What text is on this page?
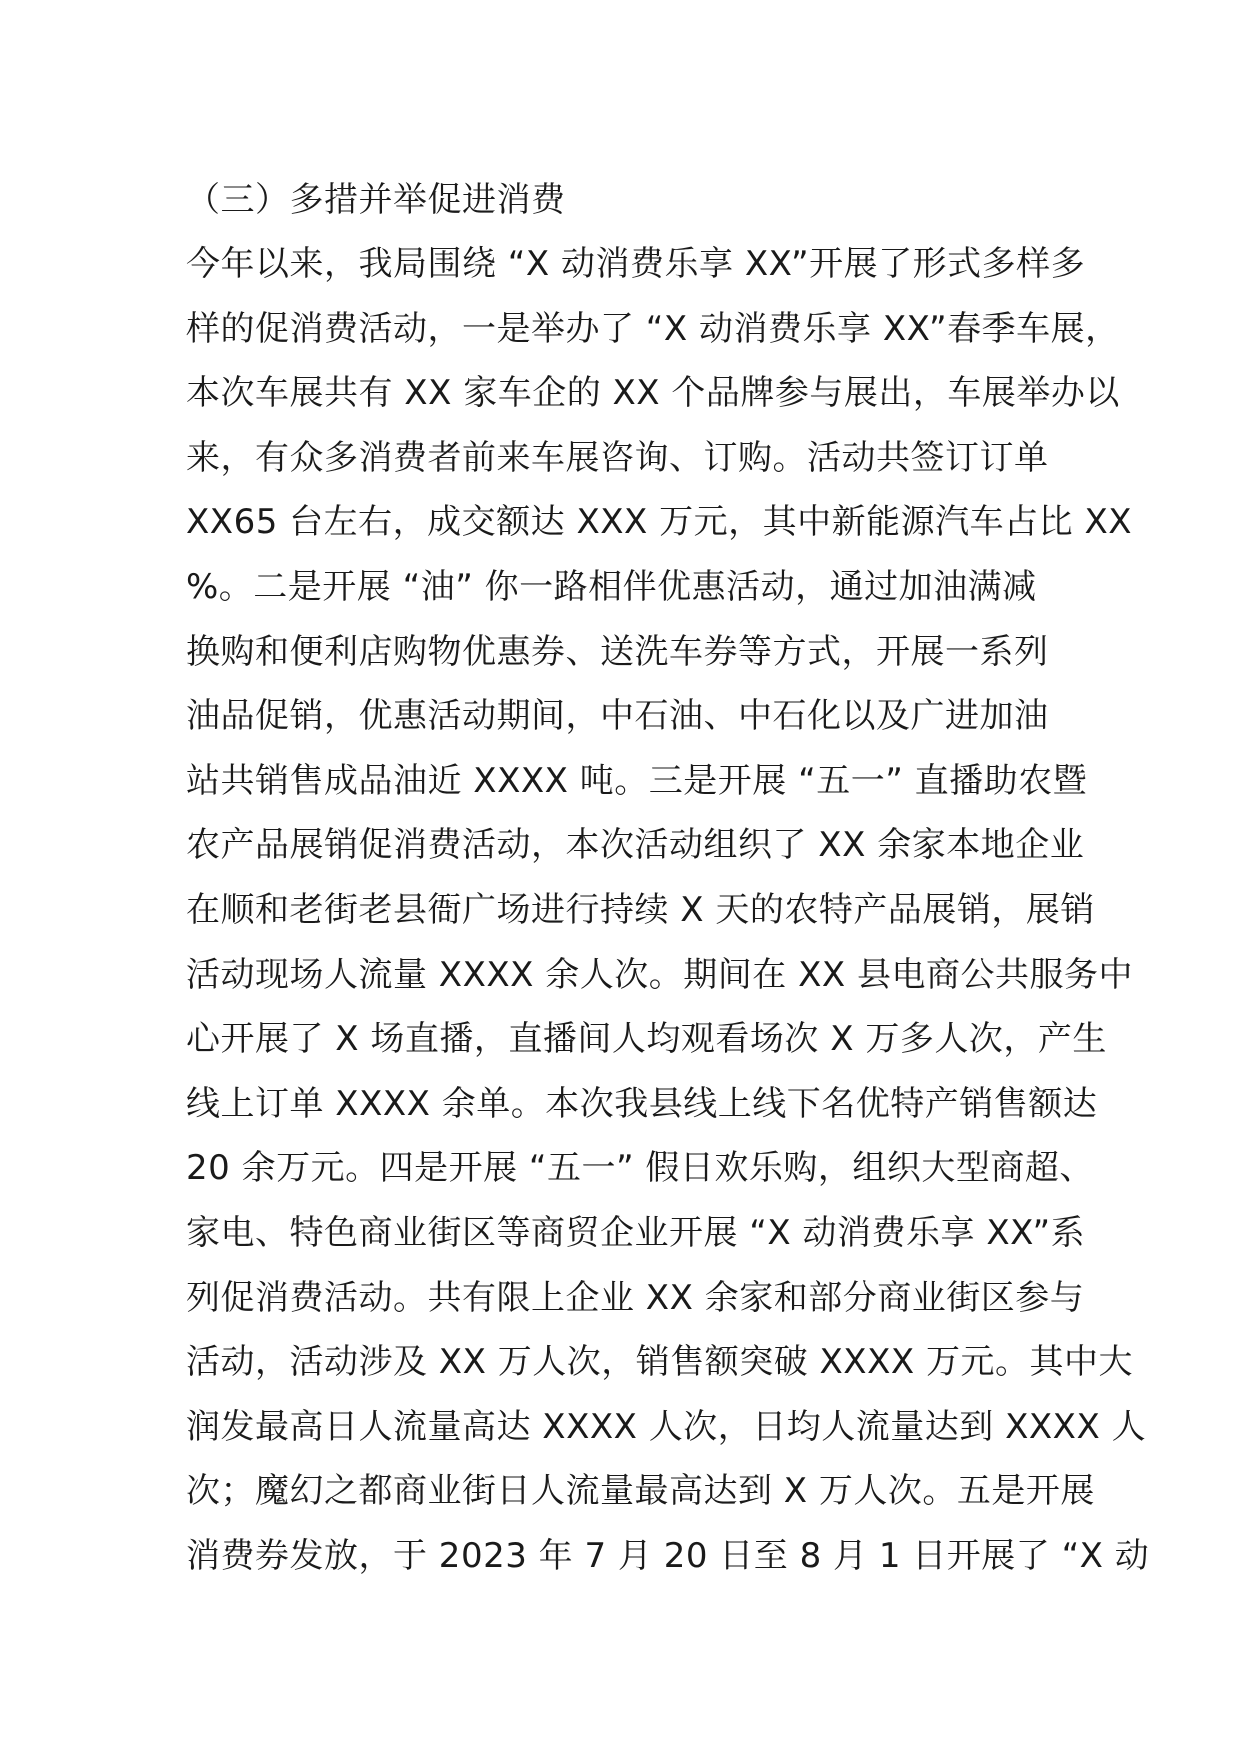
（三）多措并举促进消费
今年以来，我局围绕 “X 动消费乐享 XX”开展了形式多样多
样的促消费活动，一是举办了 “X 动消费乐享 XX”春季车展，
本次车展共有 XX 家车企的 XX 个品牌参与展出，车展举办以
来，有众多消费者前来车展咨询、订购。活动共签订订单
XX65 台左右，成交额达 XXX 万元，其中新能源汽车占比 XX
%。二是开展 “油” 你一路相伴优惠活动，通过加油满减
换购和便利店购物优惠券、送洗车券等方式，开展一系列
油品促销，优惠活动期间，中石油、中石化以及广进加油
站共销售成品油近 XXXX 吨。三是开展 “五一” 直播助农暨
农产品展销促消费活动，本次活动组织了 XX 余家本地企业
在顺和老街老县衙广场进行持续 X 天的农特产品展销，展销
活动现场人流量 XXXX 余人次。期间在 XX 县电商公共服务中
心开展了 X 场直播，直播间人均观看场次 X 万多人次，产生
线上订单 XXXX 余单。本次我县线上线下名优特产销售额达
20 余万元。四是开展 “五一” 假日欢乐购，组织大型商超、
家电、特色商业街区等商贸企业开展 “X 动消费乐享 XX”系
列促消费活动。共有限上企业 XX 余家和部分商业街区参与
活动，活动涉及 XX 万人次，销售额突破 XXXX 万元。其中大
润发最高日人流量高达 XXXX 人次，日均人流量达到 XXXX 人
次；魔幻之都商业街日人流量最高达到 X 万人次。五是开展
消费券发放，于 2023 年 7 月 20 日至 8 月 1 日开展了 “X 动
